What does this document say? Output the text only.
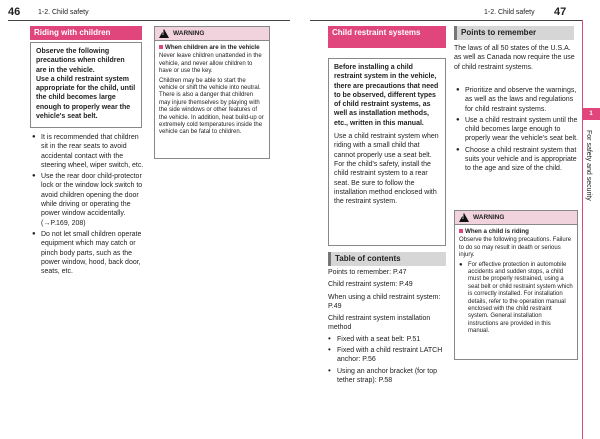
46	1-2. Child safety	1-2. Child safety 47
Riding with children

Observe the following precautions when children are in the vehicle.

Use a child restraint system appropriate for the child, until the child becomes large enough to properly wear the vehicle's seat belt.

● It is recommended that children sit in the rear seats to avoid accidental contact with the steering wheel, wiper switch, etc.
● Use the rear door child-protector lock or the window lock switch to avoid children opening the door while driving or operating the power window accidentally. (→P.169, 208)
● Do not let small children operate equipment which may catch or pinch body parts, such as the power window, hood, back door, seats, etc.
! WARNING

When children are in the vehicle

Never leave children unattended in the vehicle, and never allow children to have or use the key.

Children may be able to start the vehicle or shift the vehicle into neutral. There is also a danger that children may injure themselves by playing with the side windows or other features of the vehicle. In addition, heat build-up or extremely cold temperatures inside the vehicle can be fatal to children.

Child restraint systems

Before installing a child restraint system in the vehicle, there are precautions that need to be observed, different types of child restraint systems, as well as installation methods, etc., written in this manual.

Use a child restraint system when riding with a small child that cannot properly use a seat belt. For the child's safety, install the child restraint system to a rear seat. Be sure to follow the installation method enclosed with the restraint system.

Table of contents

Points to remember: P.47

Child restraint system: P.49

When using a child restraint system: P.49

Child restraint system installation method

• Fixed with a seat belt: P.51
• Fixed with a child restraint LATCH anchor: P.56
• Using an anchor bracket (for top tether strap): P.58
Points to remember

The laws of all 50 states of the U.S.A. as well as Canada now require the use of child restraint systems.

● Prioritize and observe the warnings, as well as the laws and regulations for child restraint systems.
● Use a child restraint system until the child becomes large enough to properly wear the vehicle's seat belt.
● Choose a child restraint system that suits your vehicle and is appropriate to the age and size of the child.
! WARNING

When a child is riding

Observe the following precautions. Failure to do so may result in death or serious injury.

● For effective protection in automobile accidents and sudden stops, a child must be properly restrained, using a seat belt or child restraint system which is correctly installed. For installation details, refer to the operation manual enclosed with the child restraint system. General installation instructions are provided in this manual.
1
For safety and security
